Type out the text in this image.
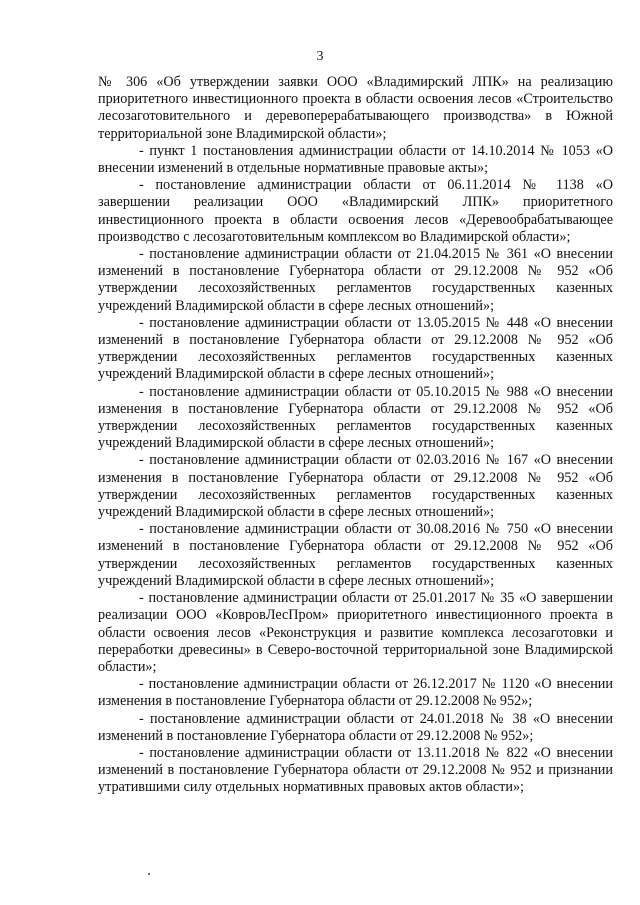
3

№ 306 «Об утверждении заявки ООО «Владимирский ЛПК» на реализацию приоритетного инвестиционного проекта в области освоения лесов «Строительство лесозаготовительного и деревоперерабатывающего производства» в Южной территориальной зоне Владимирской области»;

- пункт 1 постановления администрации области от 14.10.2014 № 1053 «О внесении изменений в отдельные нормативные правовые акты»;

- постановление администрации области от 06.11.2014 № 1138 «О завершении реализации ООО «Владимирский ЛПК» приоритетного инвестиционного проекта в области освоения лесов «Деревообрабатывающее производство с лесозаготовительным комплексом во Владимирской области»;

- постановление администрации области от 21.04.2015 № 361 «О внесении изменений в постановление Губернатора области от 29.12.2008 № 952 «Об утверждении лесохозяйственных регламентов государственных казенных учреждений Владимирской области в сфере лесных отношений»;

- постановление администрации области от 13.05.2015 № 448 «О внесении изменений в постановление Губернатора области от 29.12.2008 № 952 «Об утверждении лесохозяйственных регламентов государственных казенных учреждений Владимирской области в сфере лесных отношений»;

- постановление администрации области от 05.10.2015 № 988 «О внесении изменения в постановление Губернатора области от 29.12.2008 № 952 «Об утверждении лесохозяйственных регламентов государственных казенных учреждений Владимирской области в сфере лесных отношений»;

- постановление администрации области от 02.03.2016 № 167 «О внесении изменения в постановление Губернатора области от 29.12.2008 № 952 «Об утверждении лесохозяйственных регламентов государственных казенных учреждений Владимирской области в сфере лесных отношений»;

- постановление администрации области от 30.08.2016 № 750 «О внесении изменений в постановление Губернатора области от 29.12.2008 № 952 «Об утверждении лесохозяйственных регламентов государственных казенных учреждений Владимирской области в сфере лесных отношений»;

- постановление администрации области от 25.01.2017 № 35 «О завершении реализации ООО «КовровЛесПром» приоритетного инвестиционного проекта в области освоения лесов «Реконструкция и развитие комплекса лесозаготовки и переработки древесины» в Северо-восточной территориальной зоне Владимирской области»;

- постановление администрации области от 26.12.2017 № 1120 «О внесении изменения в постановление Губернатора области от 29.12.2008 № 952»;

- постановление администрации области от 24.01.2018 № 38 «О внесении изменений в постановление Губернатора области от 29.12.2008 № 952»;

- постановление администрации области от 13.11.2018 № 822 «О внесении изменений в постановление Губернатора области от 29.12.2008 № 952 и признании утратившими силу отдельных нормативных правовых актов области»;
